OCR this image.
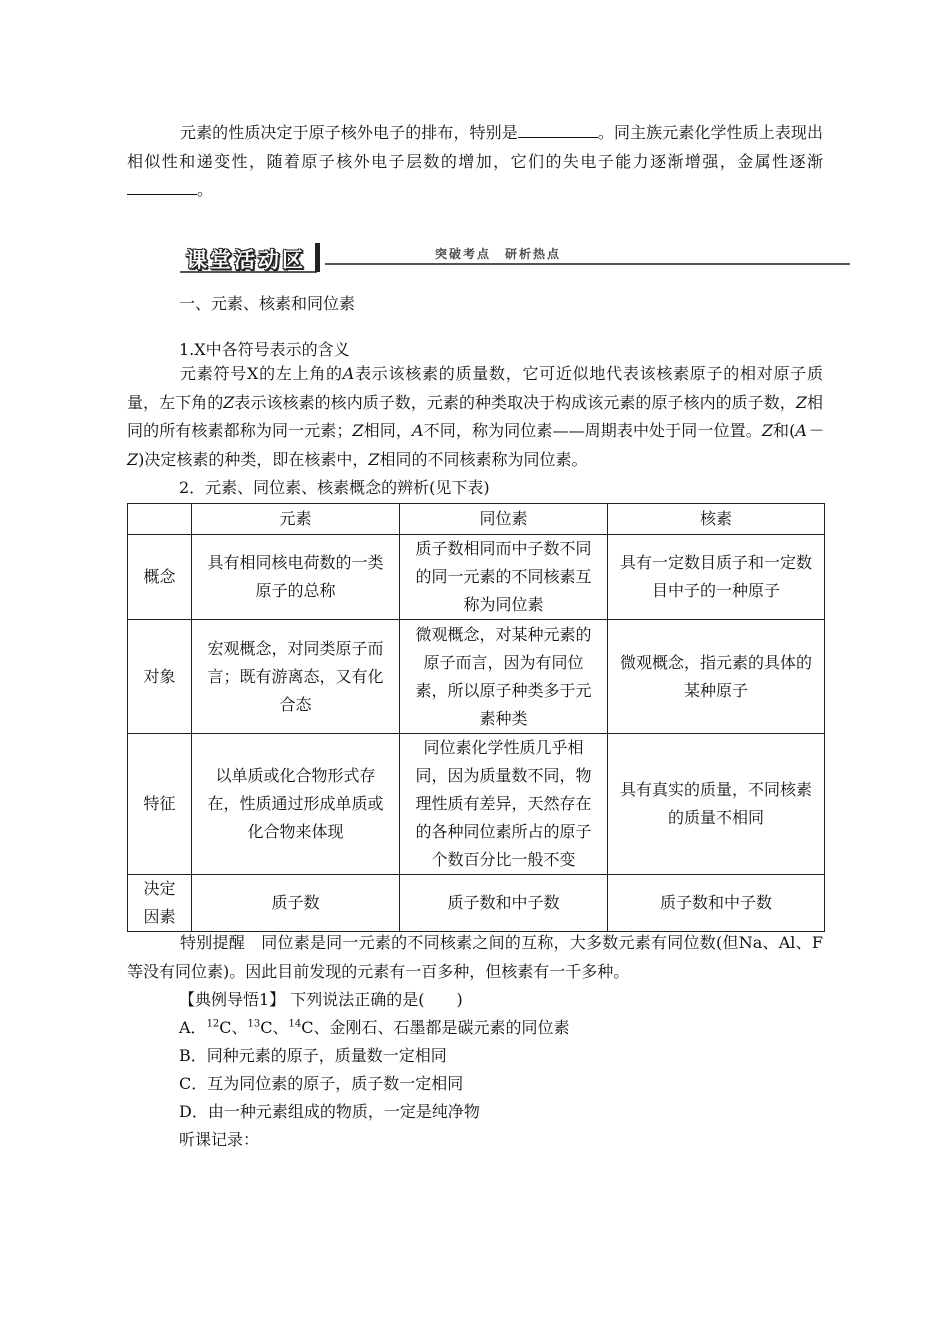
元素的性质决定于原子核外电子的排布，特别是	。同主族元素化学性质上表现出相似性和递变性，随着原子核外电子层数的增加，它们的失电子能力逐渐增强，金属性逐渐。

课堂活动区	突破考点　研析热点

一、元素、核素和同位素

1.X中各符号表示的含义

元素符号X的左上角的A表示该核素的质量数，它可近似地代表该核素原子的相对原子质量，左下角的Z表示该核素的核内质子数，元素的种类取决于构成该元素的原子核内的质子数，Z相同的所有核素都称为同一元素；Z相同，A不同，称为同位素——周期表中处于同一位置。Z和(A－Z)决定核素的种类，即在核素中，Z相同的不同核素称为同位素。

2．元素、同位素、核素概念的辨析(见下表)

	元素	同位素	核素
概念	具有相同核电荷数的一类原子的总称	质子数相同而中子数不同的同一元素的不同核素互称为同位素	具有一定数目质子和一定数目中子的一种原子
对象	宏观概念，对同类原子而言；既有游离态，又有化合态	微观概念，对某种元素的原子而言，因为有同位素，所以原子种类多于元素种类	微观概念，指元素的具体的某种原子
特征	以单质或化合物形式存在，性质通过形成单质或化合物来体现	同位素化学性质几乎相同，因为质量数不同，物理性质有差异，天然存在的各种同位素所占的原子个数百分比一般不变	具有真实的质量，不同核素的质量不相同
决定因素	质子数	质子数和中子数	质子数和中子数

特别提醒　 同位素是同一元素的不同核素之间的互称，大多数元素有同位数(但Na、Al、F等没有同位素)。因此目前发现的元素有一百多种，但核素有一千多种。

【典例导悟1】 下列说法正确的是(　　)

A．$^{12}$C、$^{13}$C、$^{14}$C、金刚石、石墨都是碳元素的同位素

B．同种元素的原子，质量数一定相同

C．互为同位素的原子，质子数一定相同

D．由一种元素组成的物质，一定是纯净物

听课记录：
